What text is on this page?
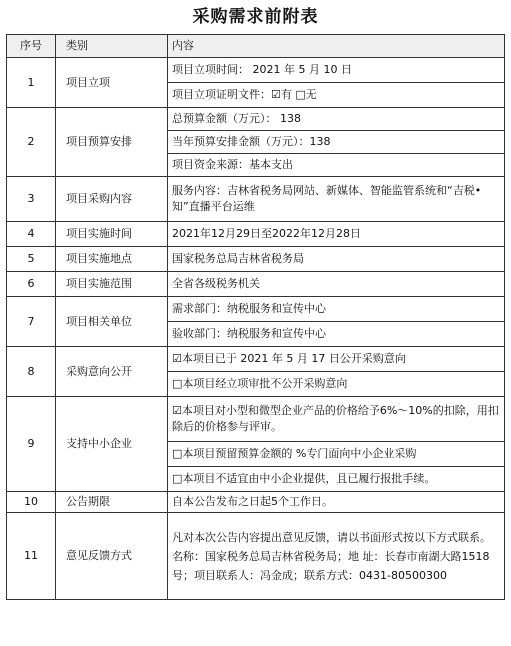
采购需求前附表
序号	类别	内容
1	项目立项	项目立项时间： 2021 年 5 月 10 日
		项目立项证明文件：☑有 □无
2	项目预算安排	总预算金额（万元）： 138
		当年预算安排金额（万元）：138
		项目资金来源：基本支出
3	项目采购内容	服务内容：吉林省税务局网站、新媒体、智能监管系统和“吉税•知”直播平台运维
4	项目实施时间	2021年12月29日至2022年12月28日
5	项目实施地点	国家税务总局吉林省税务局
6	项目实施范围	全省各级税务机关
7	项目相关单位	需求部门：纳税服务和宣传中心
		验收部门：纳税服务和宣传中心
8	采购意向公开	☑本项目已于 2021 年 5 月 17 日公开采购意向
		□本项目经立项审批不公开采购意向
9	支持中小企业	☑本项目对小型和微型企业产品的价格给予6%～10%的扣除，用扣除后的价格参与评审。
		□本项目预留预算金额的 %专门面向中小企业采购
		□本项目不适宜由中小企业提供，且已履行报批手续。
10	公告期限	自本公告发布之日起5个工作日。
11	意见反馈方式	凡对本次公告内容提出意见反馈，请以书面形式按以下方式联系。名称：国家税务总局吉林省税务局；地 址：长春市南湖大路1518号；项目联系人：冯金成；联系方式：0431-80500300
